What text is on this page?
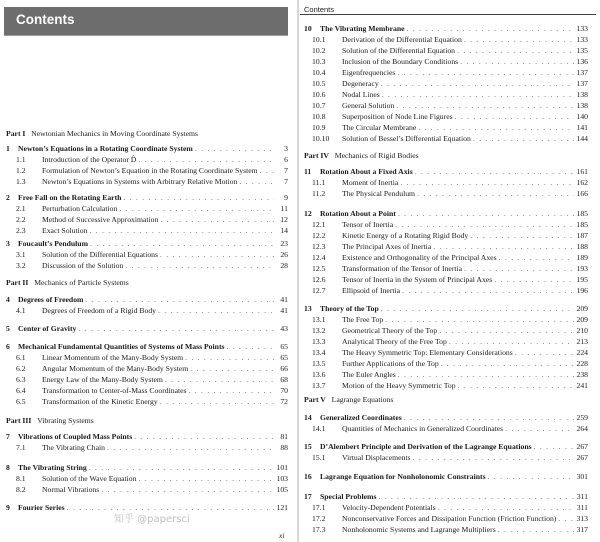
Contents
Part I Newtonian Mechanics in Moving Coordinate Systems
Part II Mechanics of Particle Systems
Part III Vibrating Systems
1	Newton’s Equations in a Rotating Coordinate System . . .	3
1.1	Introduction of the Operator D̂ . . .	6
1.2	Formulation of Newton’s Equation in the Rotating Coordinate System . . .	7
1.3	Newton’s Equations in Systems with Arbitrary Relative Motion . . .	7
2	Free Fall on the Rotating Earth . . .	9
2.1	Perturbation Calculation . . .	11
2.2	Method of Successive Approximation . . .	12
2.3	Exact Solution . . .	14
3	Foucault’s Pendulum . . .	23
3.1	Solution of the Differential Equations . . .	26
3.2	Discussion of the Solution . . .	28
4	Degrees of Freedom . . .	41
4.1	Degrees of Freedom of a Rigid Body . . .	41
5	Center of Gravity . . .	43
6	Mechanical Fundamental Quantities of Systems of Mass Points . . .	65
6.1	Linear Momentum of the Many-Body System . . .	65
6.2	Angular Momentum of the Many-Body System . . .	66
6.3	Energy Law of the Many-Body System . . .	68
6.4	Transformation to Center-of-Mass Coordinates . . .	70
6.5	Transformation of the Kinetic Energy . . .	72
7	Vibrations of Coupled Mass Points . . .	81
7.1	The Vibrating Chain . . .	88
8	The Vibrating String . . .	101
8.1	Solution of the Wave Equation . . .	103
8.2	Normal Vibrations . . .	105
9	Fourier Series . . .	121
xi
Contents
Part IV Mechanics of Rigid Bodies
Part V Lagrange Equations
10	The Vibrating Membrane . . .	133
10.1	Derivation of the Differential Equation . . .	133
10.2	Solution of the Differential Equation . . .	135
10.3	Inclusion of the Boundary Conditions . . .	136
10.4	Eigenfrequencies . . .	137
10.5	Degeneracy . . .	137
10.6	Nodal Lines . . .	138
10.7	General Solution . . .	138
10.8	Superposition of Node Line Figures . . .	140
10.9	The Circular Membrane . . .	141
10.10	Solution of Bessel’s Differential Equation . . .	144
11	Rotation About a Fixed Axis . . .	161
11.1	Moment of Inertia . . .	162
11.2	The Physical Pendulum . . .	166
12	Rotation About a Point . . .	185
12.1	Tensor of Inertia . . .	185
12.2	Kinetic Energy of a Rotating Rigid Body . . .	187
12.3	The Principal Axes of Inertia . . .	188
12.4	Existence and Orthogonality of the Principal Axes . . .	189
12.5	Transformation of the Tensor of Inertia . . .	193
12.6	Tensor of Inertia in the System of Principal Axes . . .	195
12.7	Ellipsoid of Inertia . . .	196
13	Theory of the Top . . .	209
13.1	The Free Top . . .	209
13.2	Geometrical Theory of the Top . . .	210
13.3	Analytical Theory of the Free Top . . .	213
13.4	The Heavy Symmetric Top: Elementary Considerations . . .	224
13.5	Further Applications of the Top . . .	228
13.6	The Euler Angles . . .	238
13.7	Motion of the Heavy Symmetric Top . . .	241
14	Generalized Coordinates . . .	259
14.1	Quantities of Mechanics in Generalized Coordinates . . .	264
15	D’Alembert Principle and Derivation of the Lagrange Equations . . .	267
15.1	Virtual Displacements . . .	267
16	Lagrange Equation for Nonholonomic Constraints . . .	301
17	Special Problems . . .	311
17.1	Velocity-Dependent Potentials . . .	311
17.2	Nonconservative Forces and Dissipation Function (Friction Function) . . .	313
17.3	Nonholonomic Systems and Lagrange Multipliers . . .	317
知乎 @papersci
